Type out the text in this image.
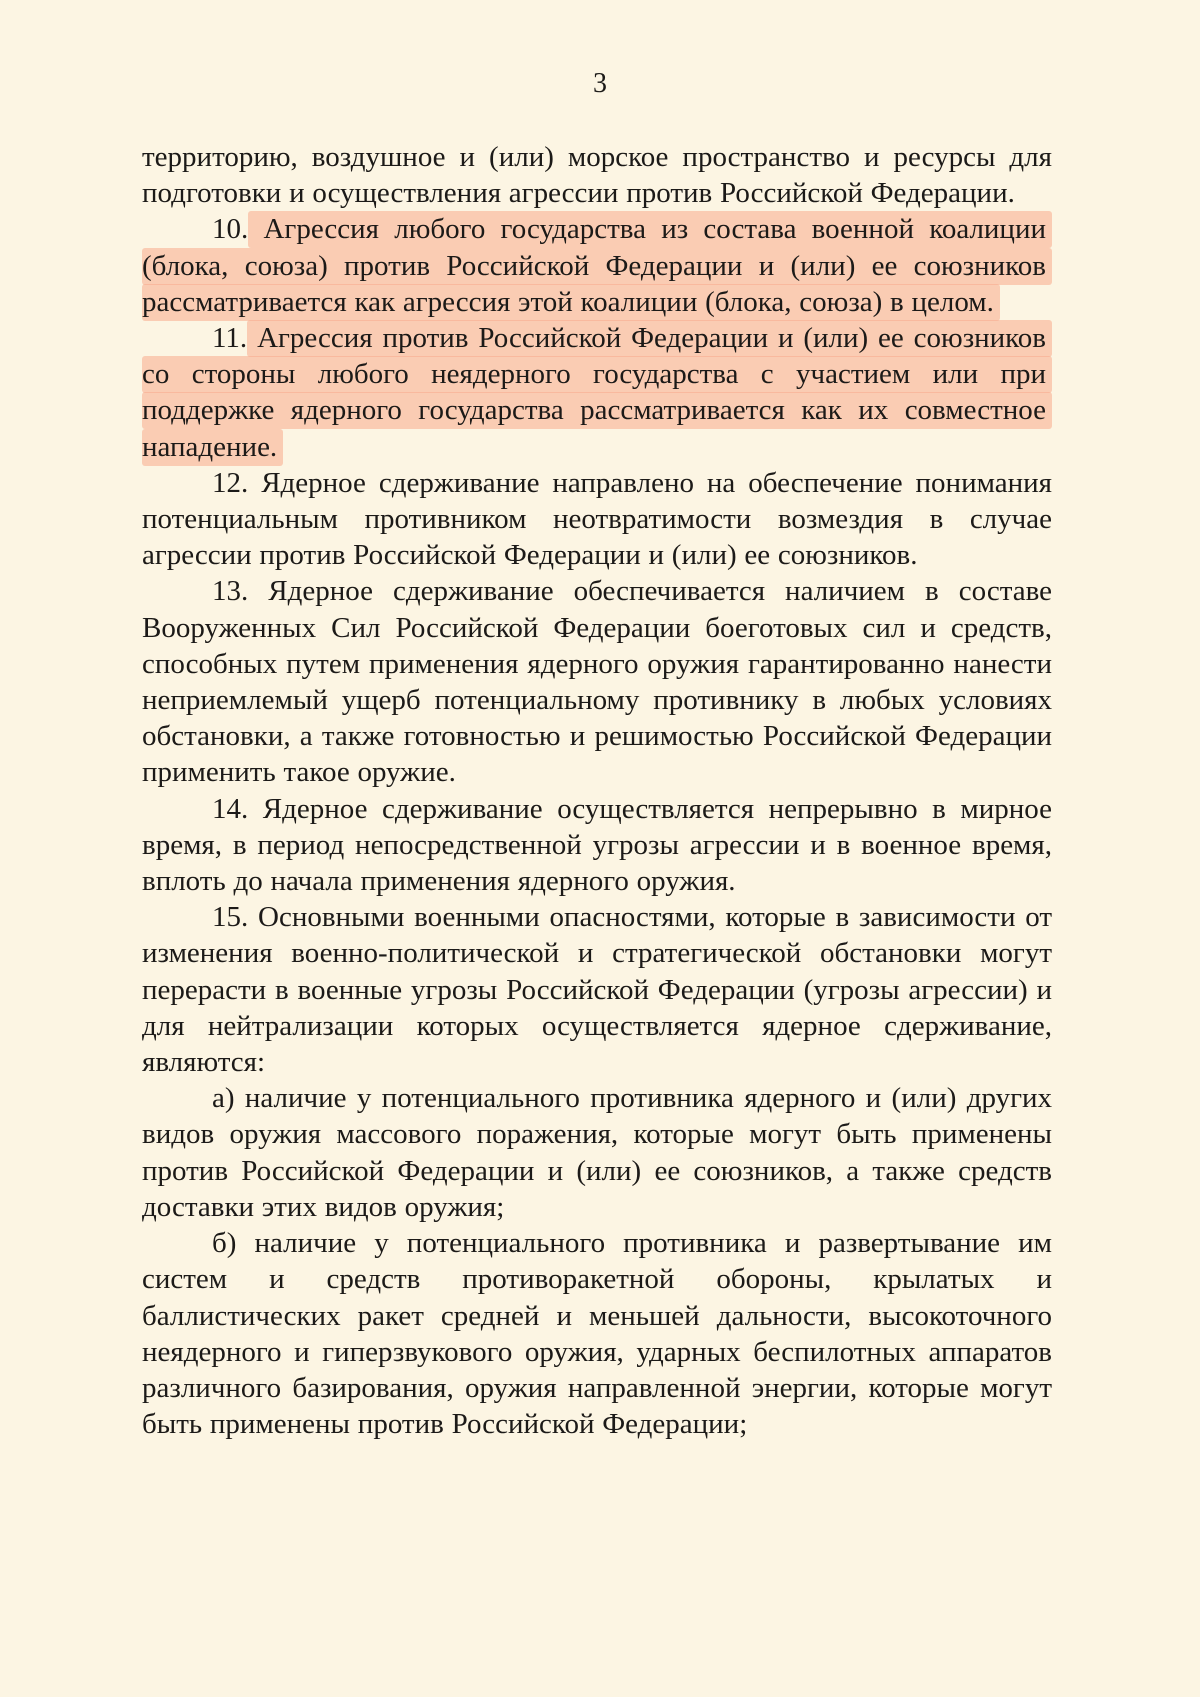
3

территорию, воздушное и (или) морское пространство и ресурсы для подготовки и осуществления агрессии против Российской Федерации.

10. Агрессия любого государства из состава военной коалиции (блока, союза) против Российской Федерации и (или) ее союзников рассматривается как агрессия этой коалиции (блока, союза) в целом.

11. Агрессия против Российской Федерации и (или) ее союзников со стороны любого неядерного государства с участием или при поддержке ядерного государства рассматривается как их совместное нападение.

12. Ядерное сдерживание направлено на обеспечение понимания потенциальным противником неотвратимости возмездия в случае агрессии против Российской Федерации и (или) ее союзников.

13. Ядерное сдерживание обеспечивается наличием в составе Вооруженных Сил Российской Федерации боеготовых сил и средств, способных путем применения ядерного оружия гарантированно нанести неприемлемый ущерб потенциальному противнику в любых условиях обстановки, а также готовностью и решимостью Российской Федерации применить такое оружие.

14. Ядерное сдерживание осуществляется непрерывно в мирное время, в период непосредственной угрозы агрессии и в военное время, вплоть до начала применения ядерного оружия.

15. Основными военными опасностями, которые в зависимости от изменения военно-политической и стратегической обстановки могут перерасти в военные угрозы Российской Федерации (угрозы агрессии) и для нейтрализации которых осуществляется ядерное сдерживание, являются:

а) наличие у потенциального противника ядерного и (или) других видов оружия массового поражения, которые могут быть применены против Российской Федерации и (или) ее союзников, а также средств доставки этих видов оружия;

б) наличие у потенциального противника и развертывание им систем и средств противоракетной обороны, крылатых и баллистических ракет средней и меньшей дальности, высокоточного неядерного и гиперзвукового оружия, ударных беспилотных аппаратов различного базирования, оружия направленной энергии, которые могут быть применены против Российской Федерации;
